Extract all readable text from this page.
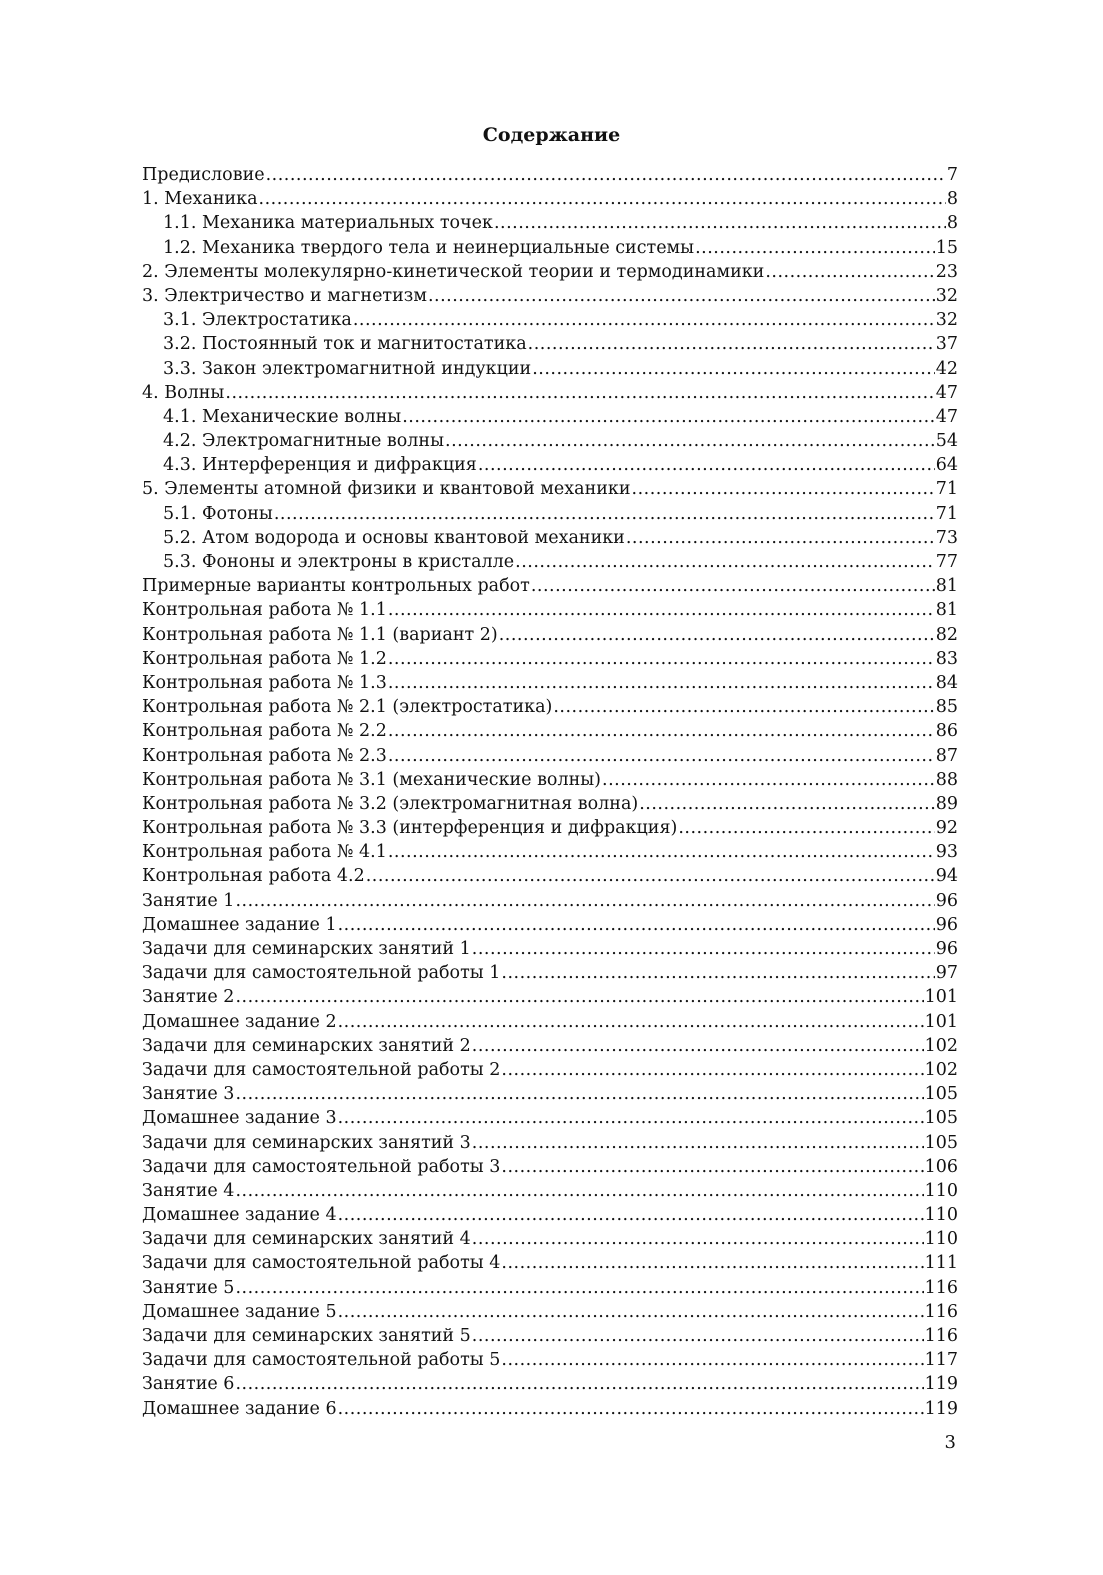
Содержание
Предисловие .....	7
1. Механика .....	8
1.1. Механика материальных точек .....	8
1.2. Механика твердого тела и неинерциальные системы .....	15
2. Элементы молекулярно-кинетической теории и термодинамики .....	23
3. Электричество и магнетизм .....	32
3.1. Электростатика .....	32
3.2. Постоянный ток и магнитостатика .....	37
3.3. Закон электромагнитной индукции .....	42
4. Волны .....	47
4.1. Механические волны .....	47
4.2. Электромагнитные волны .....	54
4.3. Интерференция и дифракция .....	64
5. Элементы атомной физики и квантовой механики .....	71
5.1. Фотоны .....	71
5.2. Атом водорода и основы квантовой механики .....	73
5.3. Фононы и электроны в кристалле .....	77
Примерные варианты контрольных работ .....	81
Контрольная работа № 1.1 .....	81
Контрольная работа № 1.1 (вариант 2) .....	82
Контрольная работа № 1.2 .....	83
Контрольная работа № 1.3 .....	84
Контрольная работа № 2.1 (электростатика) .....	85
Контрольная работа № 2.2 .....	86
Контрольная работа № 2.3 .....	87
Контрольная работа № 3.1 (механические волны) .....	88
Контрольная работа № 3.2 (электромагнитная волна) .....	89
Контрольная работа № 3.3 (интерференция и дифракция) .....	92
Контрольная работа № 4.1 .....	93
Контрольная работа 4.2 .....	94
Занятие 1 .....	96
Домашнее задание 1 .....	96
Задачи для семинарских занятий 1 .....	96
Задачи для самостоятельной работы 1 .....	97
Занятие 2 .....	101
Домашнее задание 2 .....	101
Задачи для семинарских занятий 2 .....	102
Задачи для самостоятельной работы 2 .....	102
Занятие 3 .....	105
Домашнее задание 3 .....	105
Задачи для семинарских занятий 3 .....	105
Задачи для самостоятельной работы 3 .....	106
Занятие 4 .....	110
Домашнее задание 4 .....	110
Задачи для семинарских занятий 4 .....	110
Задачи для самостоятельной работы 4 .....	111
Занятие 5 .....	116
Домашнее задание 5 .....	116
Задачи для семинарских занятий 5 .....	116
Задачи для самостоятельной работы 5 .....	117
Занятие 6 .....	119
Домашнее задание 6 .....	119
3
